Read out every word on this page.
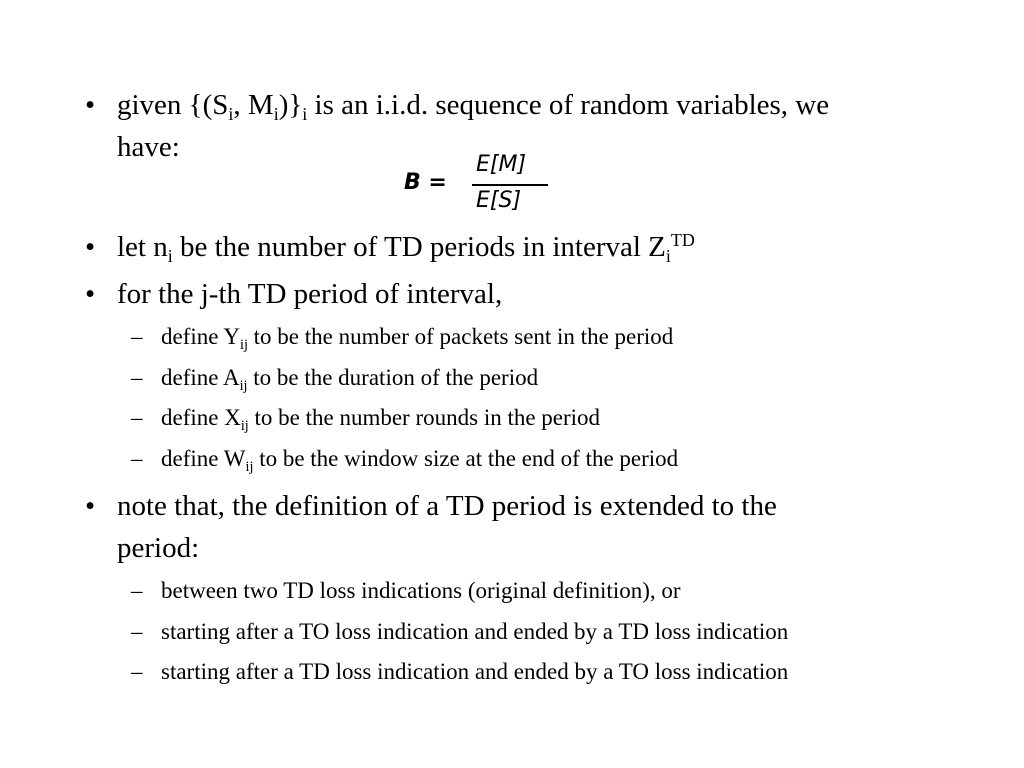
• given {($S_i$, $M_i)\}_i$ is an i.i.d. sequence of random variables, we
have:
B =
E[M]
E[S]
• let $n_i$ be the number of TD periods in interval $Z_i^{TD}$
• for the j-th TD period of interval,
– define $Y_{ij}$ to be the number of packets sent in the period
– define $A_{ij}$ to be the duration of the period
– define $X_{ij}$ to be the number rounds in the period
– define $W_{ij}$ to be the window size at the end of the period
• note that, the definition of a TD period is extended to the
period:
– between two TD loss indications (original definition), or
– starting after a TO loss indication and ended by a TD loss indication
– starting after a TD loss indication and ended by a TO loss indication
